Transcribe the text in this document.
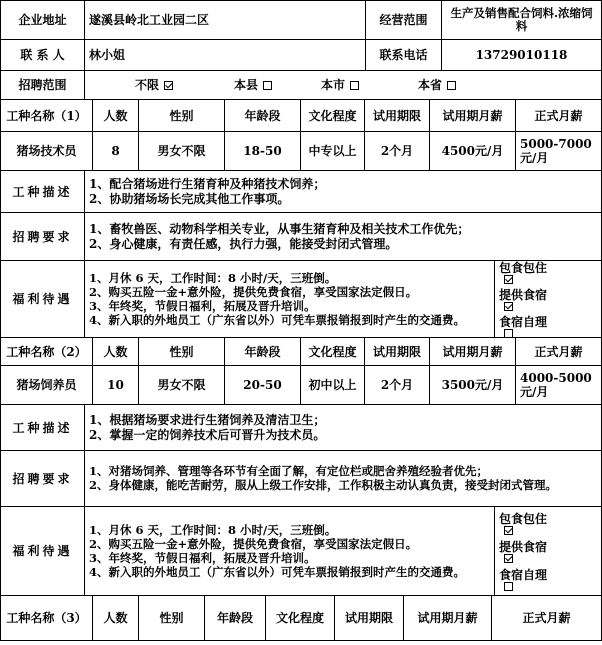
企业地址	遂溪县岭北工业园二区	经营范围	生产及销售配合饲料.浓缩饲料
联 系 人	林小姐	联系电话	13729010118
招聘范围	不限	本县	本市	本省
工种名称（1）	人数	性别	年龄段	文化程度	试用期限	试用期月薪	正式月薪
猪场技术员	8	男女不限	18-50	中专以上	2个月	4500元/月	5000-7000元/月
工种描述
1、配合猪场进行生猪育种及种猪技术饲养；
2、协助猪场场长完成其他工作事项。
招聘要求
1、畜牧兽医、动物科学相关专业，从事生猪育种及相关技术工作优先；
2、身心健康，有责任感，执行力强，能接受封闭式管理。
福利待遇
1、月休 6 天，工作时间：8 小时/天，三班倒。
2、购买五险一金+意外险，提供免费食宿，享受国家法定假日。
3、年终奖，节假日福利，拓展及晋升培训。
4、新入职的外地员工（广东省以外）可凭车票报销报到时产生的交通费。
包食包住
提供食宿
食宿自理
工种名称（2）	人数	性别	年龄段	文化程度	试用期限	试用期月薪	正式月薪
猪场饲养员	10	男女不限	20-50	初中以上	2个月	3500元/月	4000-5000元/月
工种描述
1、根据猪场要求进行生猪饲养及清洁卫生；
2、掌握一定的饲养技术后可晋升为技术员。
招聘要求
1、对猪场饲养、管理等各环节有全面了解，有定位栏或肥舍养殖经验者优先；
2、身体健康，能吃苦耐劳，服从上级工作安排，工作积极主动认真负责，接受封闭式管理。
福利待遇
1、月休 6 天，工作时间：8 小时/天，三班倒。
2、购买五险一金+意外险，提供免费食宿，享受国家法定假日。
3、年终奖，节假日福利，拓展及晋升培训。
4、新入职的外地员工（广东省以外）可凭车票报销报到时产生的交通费。
包食包住
提供食宿
食宿自理
工种名称（3）	人数	性别	年龄段	文化程度	试用期限	试用期月薪	正式月薪
